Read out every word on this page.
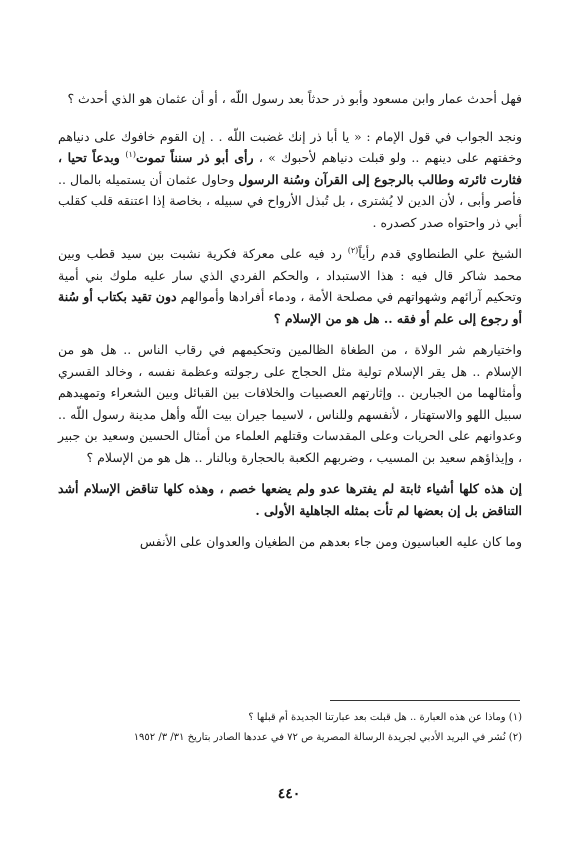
فهل أحدث عمار وابن مسعود وأبو ذر حدثاً بعد رسول اللّه ، أو أن عثمان هو الذي أحدث ؟

ونجد الجواب في قول الإمام : « يا أبا ذر إنك غضبت اللّه . . إن القوم خافوك على دنياهم وخفتهم على دينهم .. ولو قبلت دنياهم لأحبوك » ، رأى أبو ذر سنناً تموت$^{(١)}$ وبدعاً تحيا ، فثارت ثائرته وطالب بالرجوع إلى القرآن وسُنة الرسول وحاول عثمان أن يستميله بالمال .. فأصر وأبى ، لأن الدين لا يُشترى ، بل تُبذل الأرواح في سبيله ، بخاصة إذا اعتنقه قلب كقلب أبي ذر واحتواه صدر كصدره .

الشيخ علي الطنطاوي قدم رأياً$^{(٢)}$ رد فيه على معركة فكرية نشبت بين سيد قطب وبين محمد شاكر قال فيه : هذا الاستبداد ، والحكم الفردي الذي سار عليه ملوك بني أمية وتحكيم آرائهم وشهواتهم في مصلحة الأمة ، ودماء أفرادها وأموالهم دون تقيد بكتاب أو سُنة أو رجوع إلى علم أو فقه .. هل هو من الإسلام ؟

واختيارهم شر الولاة ، من الطغاة الظالمين وتحكيمهم في رقاب الناس .. هل هو من الإسلام .. هل يقر الإسلام تولية مثل الحجاج على رجولته وعظمة نفسه ، وخالد القسري وأمثالهما من الجبارين .. وإثارتهم العصبيات والخلافات بين القبائل وبين الشعراء وتمهيدهم سبيل اللهو والاستهتار ، لأنفسهم وللناس ، لاسيما جيران بيت اللّه وأهل مدينة رسول اللّه .. وعدوانهم على الحريات وعلى المقدسات وقتلهم العلماء من أمثال الحسين وسعيد بن جبير ، وإيذاؤهم سعيد بن المسيب ، وضربهم الكعبة بالحجارة وبالنار .. هل هو من الإسلام ؟

إن هذه كلها أشياء ثابتة لم يفترها عدو ولم يضعها خصم ، وهذه كلها تناقض الإسلام أشد التناقض بل إن بعضها لم تأت بمثله الجاهلية الأولى .

وما كان عليه العباسيون ومن جاء بعدهم من الطغيان والعدوان على الأنفس

(١) وماذا عن هذه العبارة .. هل قبلت بعد عبارتنا الجديدة أم قبلها ؟

(٢) نُشر في البريد الأدبي لجريدة الرسالة المصرية ص ٧٢ في عددها الصادر بتاريخ ٣١/ ٣/ ١٩٥٢

٤٤٠
